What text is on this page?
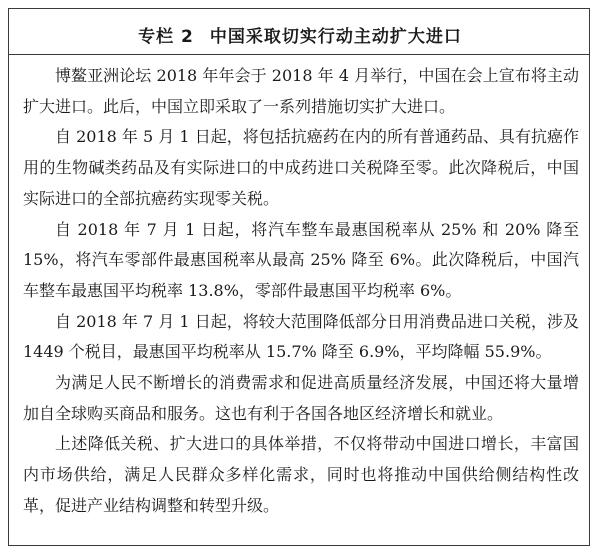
专栏 2 中国采取切实行动主动扩大进口

博鳌亚洲论坛 2018 年年会于 2018 年 4 月举行，中国在会上宣布将主动扩大进口。此后，中国立即采取了一系列措施切实扩大进口。

自 2018 年 5 月 1 日起，将包括抗癌药在内的所有普通药品、具有抗癌作用的生物碱类药品及有实际进口的中成药进口关税降至零。此次降税后，中国实际进口的全部抗癌药实现零关税。

自 2018 年 7 月 1 日起，将汽车整车最惠国税率从 25% 和 20% 降至 15%，将汽车零部件最惠国税率从最高 25% 降至 6%。此次降税后，中国汽车整车最惠国平均税率 13.8%，零部件最惠国平均税率 6%。

自 2018 年 7 月 1 日起，将较大范围降低部分日用消费品进口关税，涉及 1449 个税目，最惠国平均税率从 15.7% 降至 6.9%，平均降幅 55.9%。

为满足人民不断增长的消费需求和促进高质量经济发展，中国还将大量增加自全球购买商品和服务。这也有利于各国各地区经济增长和就业。

上述降低关税、扩大进口的具体举措，不仅将带动中国进口增长，丰富国内市场供给，满足人民群众多样化需求，同时也将推动中国供给侧结构性改革，促进产业结构调整和转型升级。
